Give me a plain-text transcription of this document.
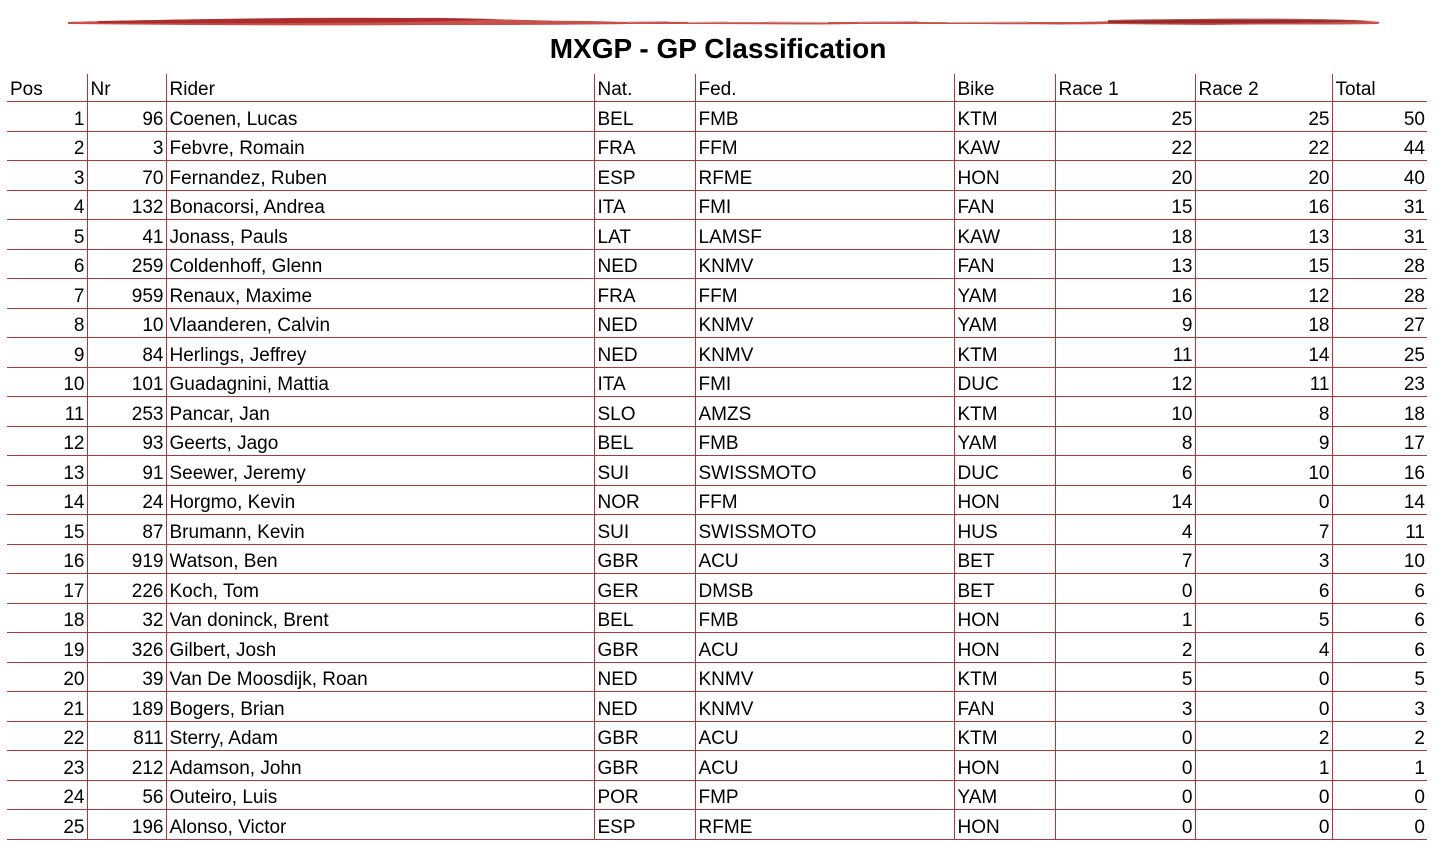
MXGP - GP Classification
Pos	Nr	Rider	Nat.	Fed.	Bike	Race 1	Race 2	Total
1	96	Coenen, Lucas	BEL	FMB	KTM	25	25	50
2	3	Febvre, Romain	FRA	FFM	KAW	22	22	44
3	70	Fernandez, Ruben	ESP	RFME	HON	20	20	40
4	132	Bonacorsi, Andrea	ITA	FMI	FAN	15	16	31
5	41	Jonass, Pauls	LAT	LAMSF	KAW	18	13	31
6	259	Coldenhoff, Glenn	NED	KNMV	FAN	13	15	28
7	959	Renaux, Maxime	FRA	FFM	YAM	16	12	28
8	10	Vlaanderen, Calvin	NED	KNMV	YAM	9	18	27
9	84	Herlings, Jeffrey	NED	KNMV	KTM	11	14	25
10	101	Guadagnini, Mattia	ITA	FMI	DUC	12	11	23
11	253	Pancar, Jan	SLO	AMZS	KTM	10	8	18
12	93	Geerts, Jago	BEL	FMB	YAM	8	9	17
13	91	Seewer, Jeremy	SUI	SWISSMOTO	DUC	6	10	16
14	24	Horgmo, Kevin	NOR	FFM	HON	14	0	14
15	87	Brumann, Kevin	SUI	SWISSMOTO	HUS	4	7	11
16	919	Watson, Ben	GBR	ACU	BET	7	3	10
17	226	Koch, Tom	GER	DMSB	BET	0	6	6
18	32	Van doninck, Brent	BEL	FMB	HON	1	5	6
19	326	Gilbert, Josh	GBR	ACU	HON	2	4	6
20	39	Van De Moosdijk, Roan	NED	KNMV	KTM	5	0	5
21	189	Bogers, Brian	NED	KNMV	FAN	3	0	3
22	811	Sterry, Adam	GBR	ACU	KTM	0	2	2
23	212	Adamson, John	GBR	ACU	HON	0	1	1
24	56	Outeiro, Luis	POR	FMP	YAM	0	0	0
25	196	Alonso, Victor	ESP	RFME	HON	0	0	0
